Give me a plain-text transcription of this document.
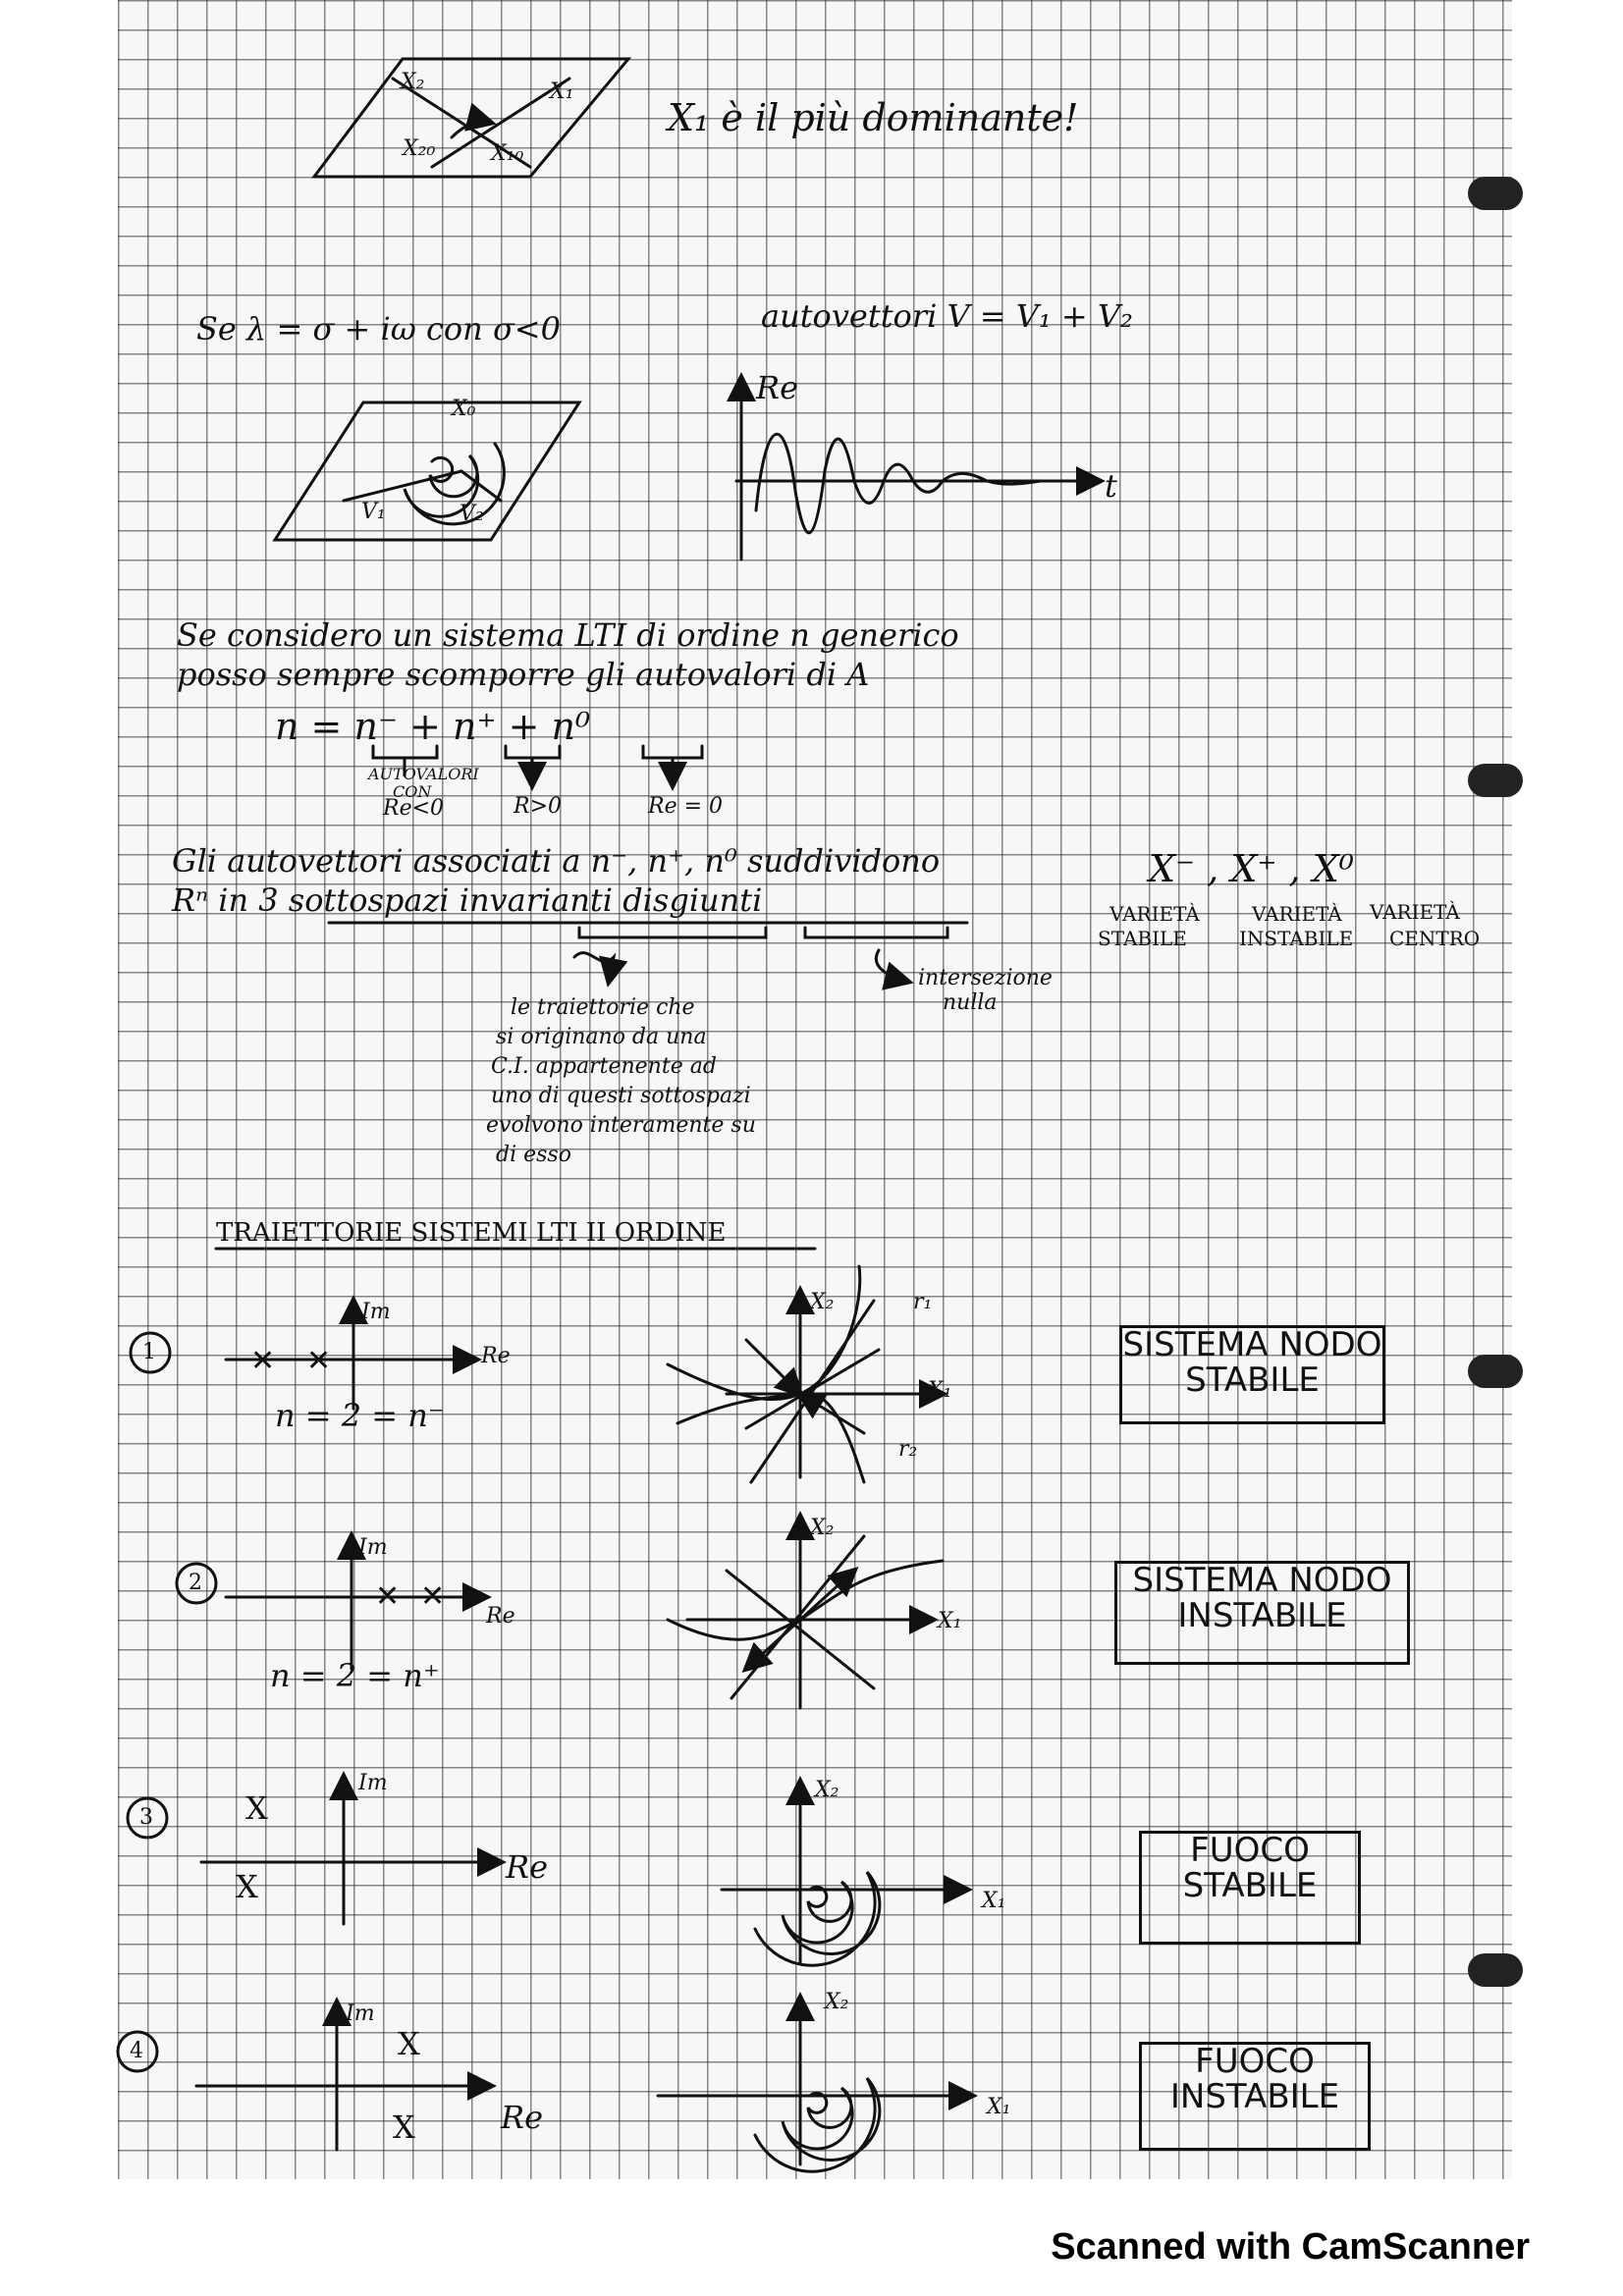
X₂	X₁
X₂₀	X₁₀
X₁ è il più dominante!
Se λ = σ + iω con σ<0	autovettori V = V₁ + V₂
X₀
V₁	V₂
Re
t
Se considero un sistema LTI di ordine n generico
posso sempre scomporre gli autovalori di A
n = n⁻ + n⁺ + n⁰
AUTOVALORI
CON
Re<0	R>0	Re = 0
Gli autovettori associati a n⁻, n⁺, n⁰ suddividono
Rⁿ in 3 sottospazi invarianti disgiunti
X⁻ , X⁺ , X⁰
VARIETÀ
STABILE
VARIETÀ
INSTABILE
VARIETÀ
CENTRO
intersezione
nulla
le traiettorie che
si originano da una
C.I. appartenente ad
uno di questi sottospazi
evolvono interamente su
di esso
TRAIETTORIE SISTEMI LTI II ORDINE
1
Im
Re
✕ ✕
n = 2 = n⁻
X₂
X₁
r₁
r₂
SISTEMA NODO
STABILE
2
Im
Re
✕ ✕
n = 2 = n⁺
X₂
X₁
SISTEMA NODO
INSTABILE
3
Im
Re
X
X
X₂
X₁
FUOCO
STABILE
4
Im
Re
X
X
X₂
X₁
FUOCO
INSTABILE
Scanned with CamScanner
